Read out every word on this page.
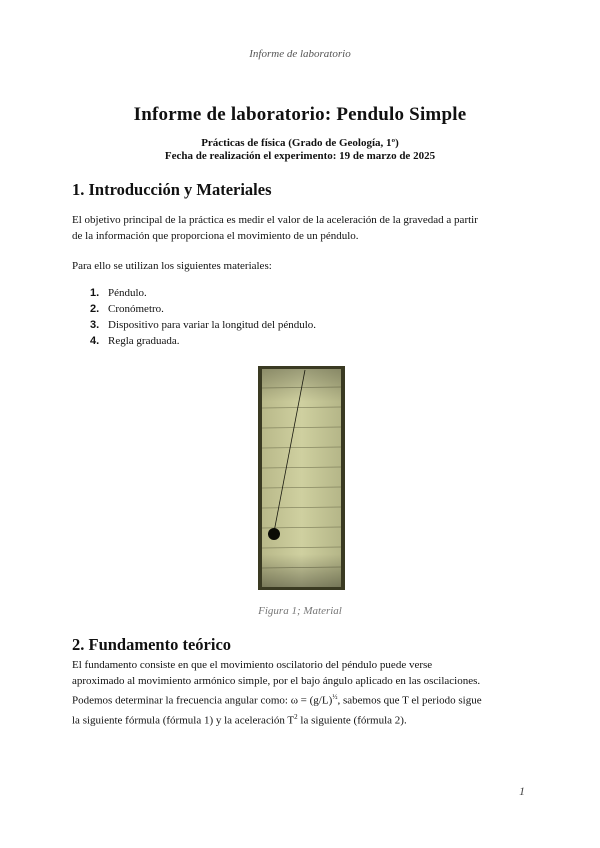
Informe de laboratorio
Informe de laboratorio: Pendulo Simple
Prácticas de física (Grado de Geología, 1º)
Fecha de realización el experimento: 19 de marzo de 2025
1. Introducción y Materiales

El objetivo principal de la práctica es medir el valor de la aceleración de la gravedad a partir
de la información que proporciona el movimiento de un péndulo.

Para ello se utilizan los siguientes materiales:

1. Péndulo.
2. Cronómetro.
3. Dispositivo para variar la longitud del péndulo.
4. Regla graduada.
Figura 1; Material
2. Fundamento teórico

El fundamento consiste en que el movimiento oscilatorio del péndulo puede verse
aproximado al movimiento armónico simple, por el bajo ángulo aplicado en las oscilaciones.
Podemos determinar la frecuencia angular como: $\omega = (g/L)^{\frac{1}{2}}$, sabemos que T el periodo sigue
la siguiente fórmula (fórmula 1) y la aceleración $T^2$ la siguiente (fórmula 2).

1
